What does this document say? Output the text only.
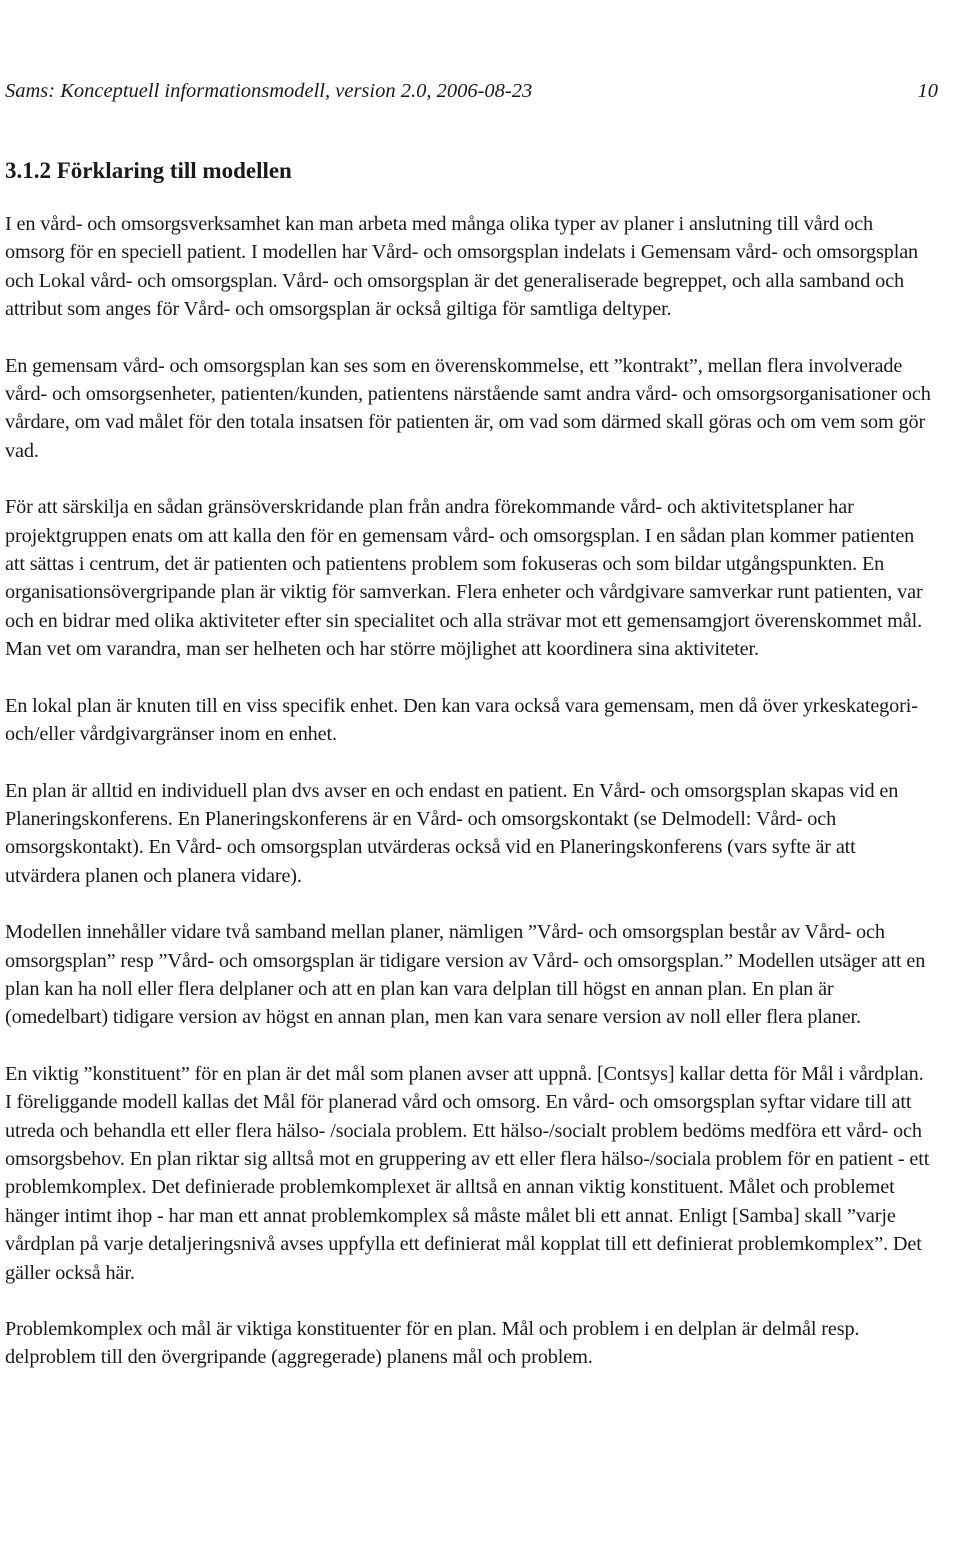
Sams: Konceptuell informationsmodell, version 2.0, 2006-08-23	10
3.1.2 Förklaring till modellen

I en vård- och omsorgsverksamhet kan man arbeta med många olika typer av planer i anslutning till vård och omsorg för en speciell patient. I modellen har Vård- och omsorgsplan indelats i Gemensam vård- och omsorgsplan och Lokal vård- och omsorgsplan. Vård- och omsorgsplan är det generaliserade begreppet, och alla samband och attribut som anges för Vård- och omsorgsplan är också giltiga för samtliga deltyper.

En gemensam vård- och omsorgsplan kan ses som en överenskommelse, ett ”kontrakt”, mellan flera involverade vård- och omsorgsenheter, patienten/kunden, patientens närstående samt andra vård- och omsorgsorganisationer och vårdare, om vad målet för den totala insatsen för patienten är, om vad som därmed skall göras och om vem som gör vad.

För att särskilja en sådan gränsöverskridande plan från andra förekommande vård- och aktivitetsplaner har projektgruppen enats om att kalla den för en gemensam vård- och omsorgsplan. I en sådan plan kommer patienten att sättas i centrum, det är patienten och patientens problem som fokuseras och som bildar utgångspunkten. En organisationsövergripande plan är viktig för samverkan. Flera enheter och vårdgivare samverkar runt patienten, var och en bidrar med olika aktiviteter efter sin specialitet och alla strävar mot ett gemensamgjort överenskommet mål. Man vet om varandra, man ser helheten och har större möjlighet att koordinera sina aktiviteter.

En lokal plan är knuten till en viss specifik enhet. Den kan vara också vara gemensam, men då över yrkeskategori- och/eller vårdgivargränser inom en enhet.

En plan är alltid en individuell plan dvs avser en och endast en patient. En Vård- och omsorgsplan skapas vid en Planeringskonferens. En Planeringskonferens är en Vård- och omsorgskontakt (se Delmodell: Vård- och omsorgskontakt). En Vård- och omsorgsplan utvärderas också vid en Planeringskonferens (vars syfte är att utvärdera planen och planera vidare).

Modellen innehåller vidare två samband mellan planer, nämligen ”Vård- och omsorgsplan består av Vård- och omsorgsplan” resp ”Vård- och omsorgsplan är tidigare version av Vård- och omsorgsplan.” Modellen utsäger att en plan kan ha noll eller flera delplaner och att en plan kan vara delplan till högst en annan plan. En plan är (omedelbart) tidigare version av högst en annan plan, men kan vara senare version av noll eller flera planer.

En viktig ”konstituent” för en plan är det mål som planen avser att uppnå. [Contsys] kallar detta för Mål i vårdplan. I föreliggande modell kallas det Mål för planerad vård och omsorg. En vård- och omsorgsplan syftar vidare till att utreda och behandla ett eller flera hälso- /sociala problem. Ett hälso-/socialt problem bedöms medföra ett vård- och omsorgsbehov. En plan riktar sig alltså mot en gruppering av ett eller flera hälso-/sociala problem för en patient - ett problemkomplex. Det definierade problemkomplexet är alltså en annan viktig konstituent. Målet och problemet hänger intimt ihop - har man ett annat problemkomplex så måste målet bli ett annat. Enligt [Samba] skall ”varje vårdplan på varje detaljeringsnivå avses uppfylla ett definierat mål kopplat till ett definierat problemkomplex”. Det gäller också här.

Problemkomplex och mål är viktiga konstituenter för en plan. Mål och problem i en delplan är delmål resp. delproblem till den övergripande (aggregerade) planens mål och problem.
